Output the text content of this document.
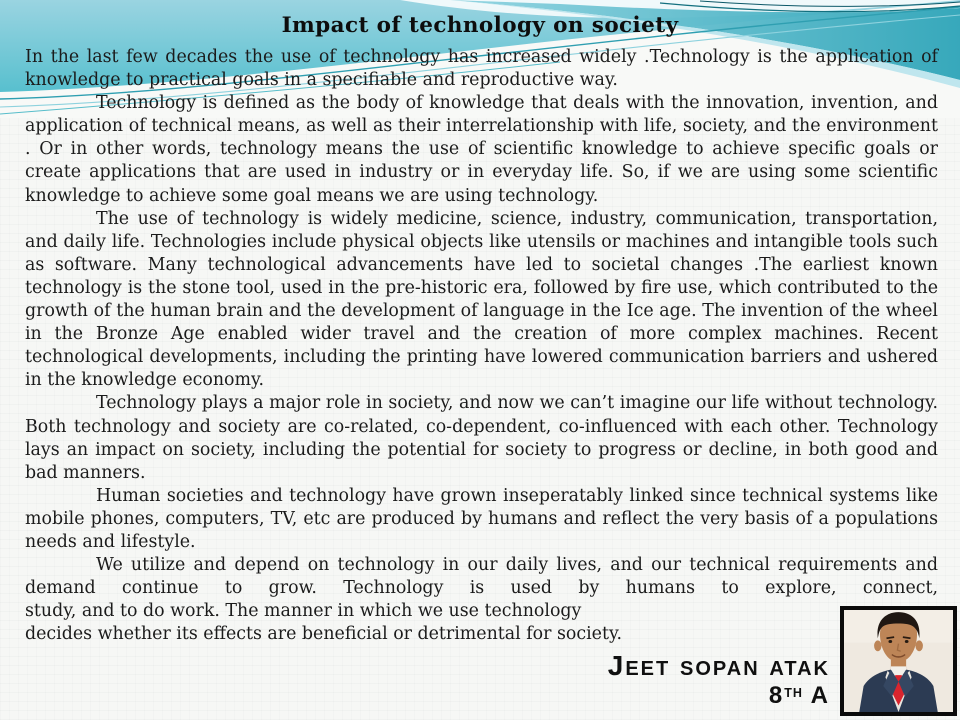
Impact of technology on society

In the last few decades the use of technology has increased widely .Technology is the application of knowledge to practical goals in a specifiable and reproductive way.

Technology is defined as the body of knowledge that deals with the innovation, invention, and application of technical means, as well as their interrelationship with life, society, and the environment . Or in other words, technology means the use of scientific knowledge to achieve specific goals or create applications that are used in industry or in everyday life. So, if we are using some scientific knowledge to achieve some goal means we are using technology.

The use of technology is widely medicine, science, industry, communication, transportation, and daily life. Technologies include physical objects like utensils or machines and intangible tools such as software. Many technological advancements have led to societal changes .The earliest known technology is the stone tool, used in the pre-historic era, followed by fire use, which contributed to the growth of the human brain and the development of language in the Ice age. The invention of the wheel in the Bronze Age enabled wider travel and the creation of more complex machines. Recent technological developments, including the printing have lowered communication barriers and ushered in the knowledge economy.

Technology plays a major role in society, and now we can’t imagine our life without technology. Both technology and society are co-related, co-dependent, co-influenced with each other. Technology lays an impact on society, including the potential for society to progress or decline, in both good and bad manners.

Human societies and technology have grown inseperatably linked since technical systems like mobile phones, computers, TV, etc are produced by humans and reflect the very basis of a populations needs and lifestyle.

We utilize and depend on technology in our daily lives, and our technical requirements and demand continue to grow. Technology is used by humans to explore, connect,

study, and to do work. The manner in which we use technology decides whether its effects are beneficial or detrimental for society.

Jeet sopan atak
8TH A
